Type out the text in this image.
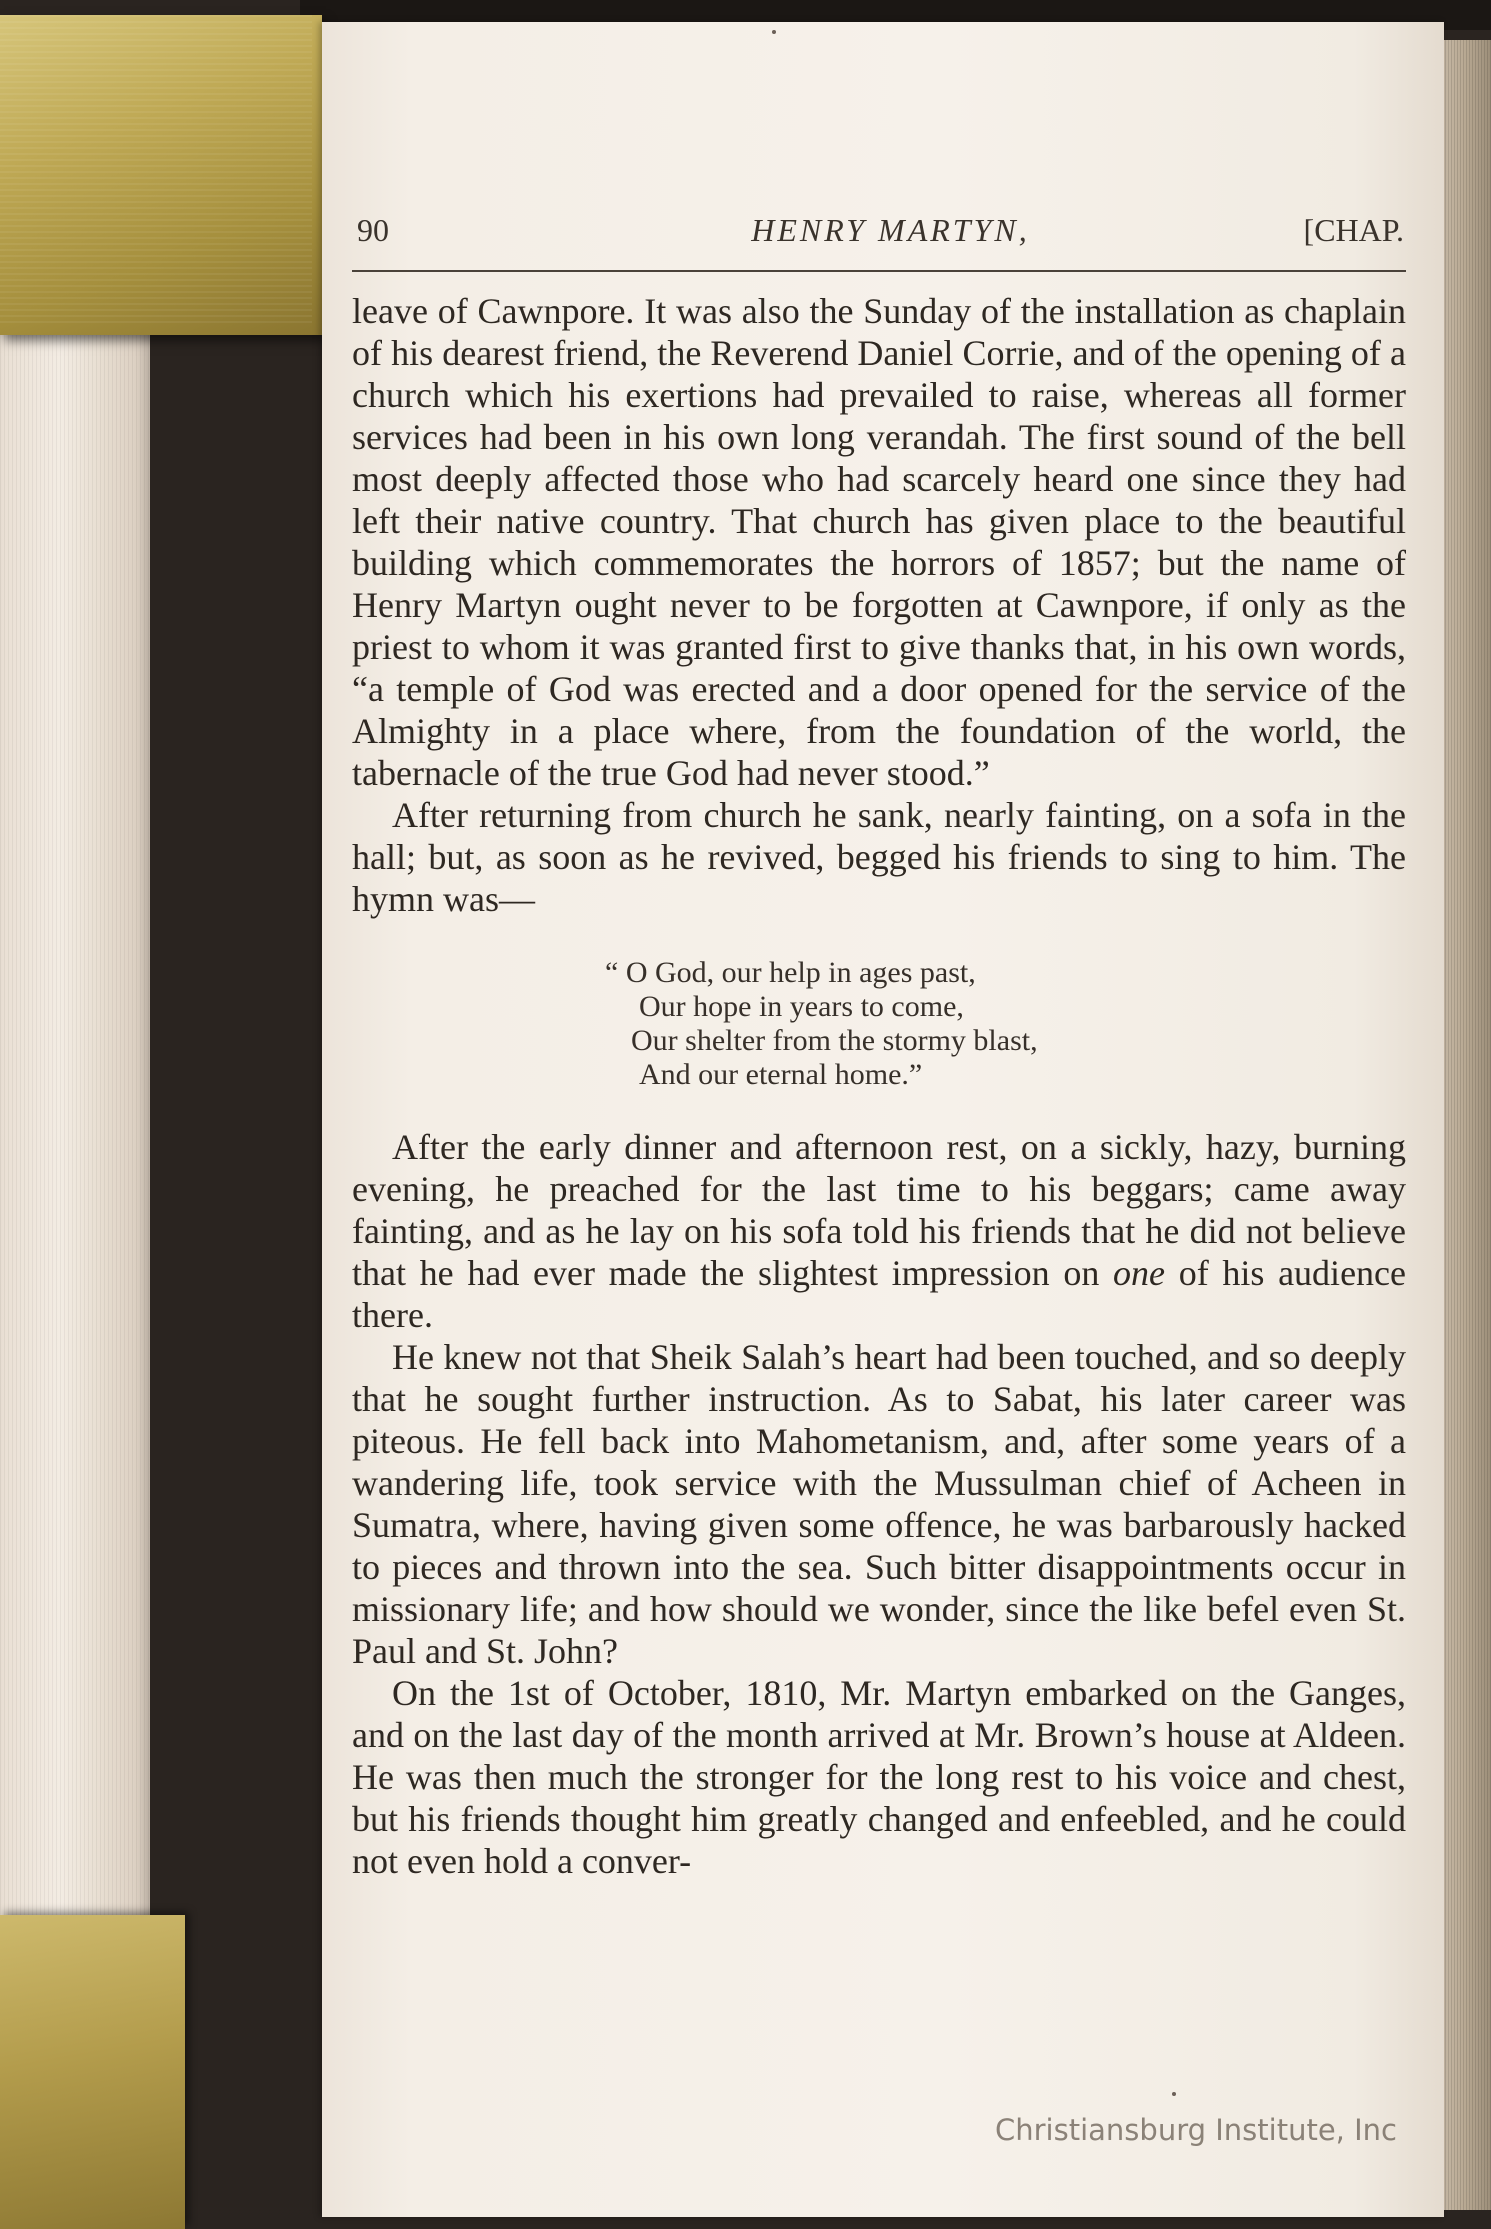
90	HENRY MARTYN,	[CHAP.

leave of Cawnpore. It was also the Sunday of the installation as chaplain of his dearest friend, the Reverend Daniel Corrie, and of the opening of a church which his exertions had prevailed to raise, whereas all former services had been in his own long verandah. The first sound of the bell most deeply affected those who had scarcely heard one since they had left their native country. That church has given place to the beautiful building which commemorates the horrors of 1857; but the name of Henry Martyn ought never to be forgotten at Cawnpore, if only as the priest to whom it was granted first to give thanks that, in his own words, “a temple of God was erected and a door opened for the service of the Almighty in a place where, from the foundation of the world, the tabernacle of the true God had never stood.”

After returning from church he sank, nearly fainting, on a sofa in the hall; but, as soon as he revived, begged his friends to sing to him. The hymn was—

“ O God, our help in ages past,
Our hope in years to come,
Our shelter from the stormy blast,
And our eternal home.”

After the early dinner and afternoon rest, on a sickly, hazy, burning evening, he preached for the last time to his beggars; came away fainting, and as he lay on his sofa told his friends that he did not believe that he had ever made the slightest impression on one of his audience there.

He knew not that Sheik Salah’s heart had been touched, and so deeply that he sought further instruction. As to Sabat, his later career was piteous. He fell back into Mahometanism, and, after some years of a wandering life, took service with the Mussulman chief of Acheen in Sumatra, where, having given some offence, he was barbarously hacked to pieces and thrown into the sea. Such bitter disappointments occur in missionary life; and how should we wonder, since the like befel even St. Paul and St. John?

On the 1st of October, 1810, Mr. Martyn embarked on the Ganges, and on the last day of the month arrived at Mr. Brown’s house at Aldeen. He was then much the stronger for the long rest to his voice and chest, but his friends thought him greatly changed and enfeebled, and he could not even hold a conver-

Christiansburg Institute, Inc
